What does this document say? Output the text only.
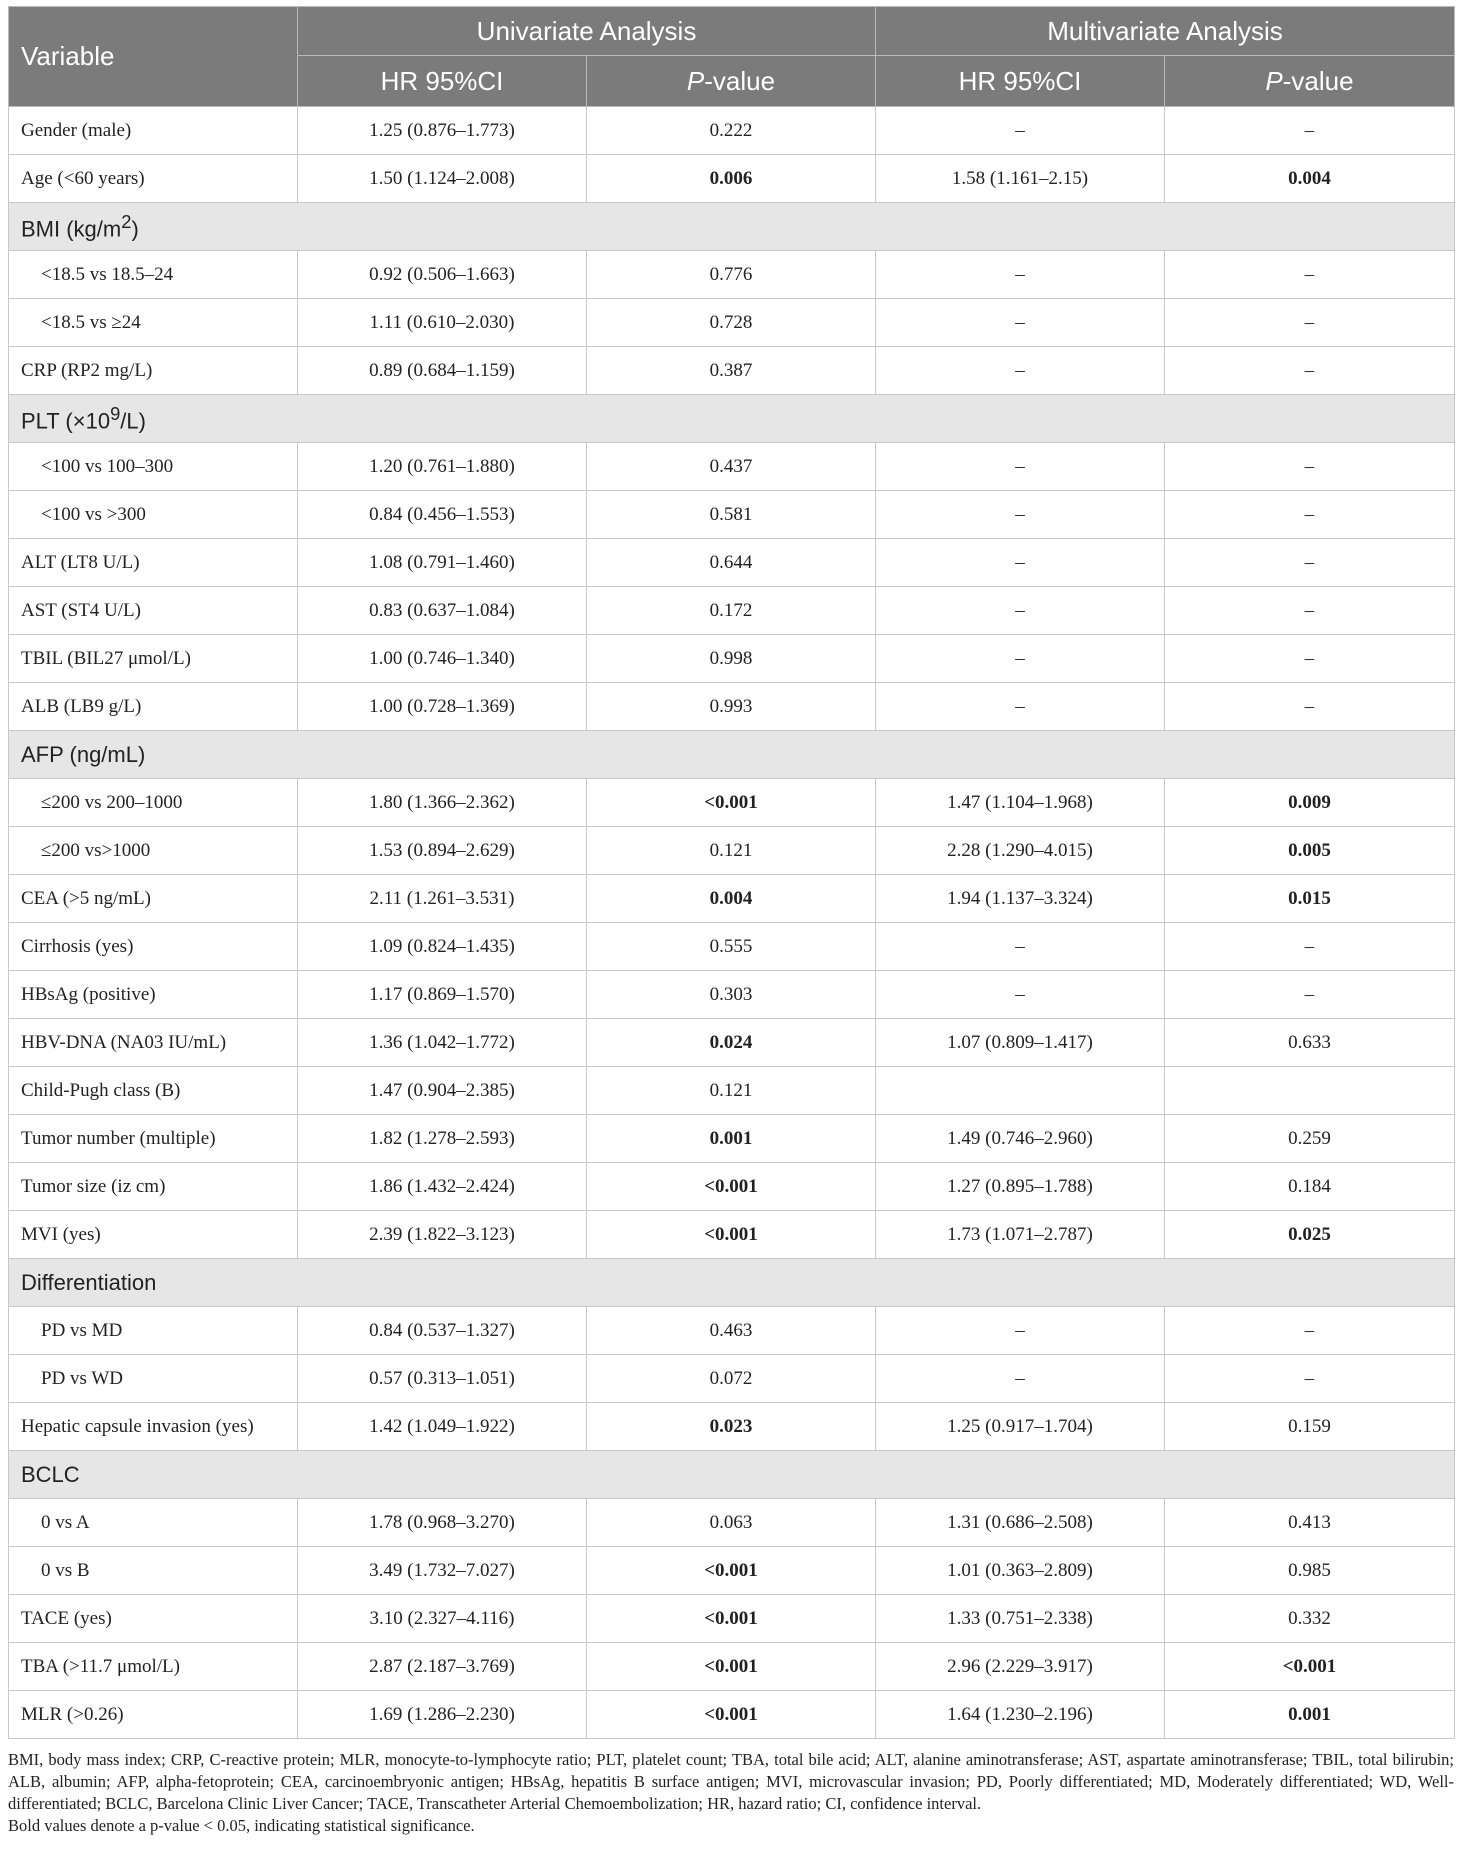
Variable	Univariate Analysis		Multivariate Analysis	
	HR 95%CI	P-value	HR 95%CI	P-value
Gender (male)	1.25 (0.876–1.773)	0.222	–	–
Age (<60 years)	1.50 (1.124–2.008)	0.006	1.58 (1.161–2.15)	0.004
BMI $(kg/m^2)$				
<18.5 vs 18.5–24	0.92 (0.506–1.663)	0.776	–	–
<18.5 vs ≥24	1.11 (0.610–2.030)	0.728	–	–
CRP (RP2 mg/L)	0.89 (0.684–1.159)	0.387	–	–
PLT $(\times 10^9/L)$				
<100 vs 100–300	1.20 (0.761–1.880)	0.437	–	–
<100 vs >300	0.84 (0.456–1.553)	0.581	–	–
ALT (LT8 U/L)	1.08 (0.791–1.460)	0.644	–	–
AST (ST4 U/L)	0.83 (0.637–1.084)	0.172	–	–
TBIL (BIL27 μmol/L)	1.00 (0.746–1.340)	0.998	–	–
ALB (LB9 g/L)	1.00 (0.728–1.369)	0.993	–	–
AFP (ng/mL)				
≤200 vs 200–1000	1.80 (1.366–2.362)	<0.001	1.47 (1.104–1.968)	0.009
≤200 vs>1000	1.53 (0.894–2.629)	0.121	2.28 (1.290–4.015)	0.005
CEA (>5 ng/mL)	2.11 (1.261–3.531)	0.004	1.94 (1.137–3.324)	0.015
Cirrhosis (yes)	1.09 (0.824–1.435)	0.555	–	–
HBsAg (positive)	1.17 (0.869–1.570)	0.303	–	–
HBV-DNA (NA03 IU/mL)	1.36 (1.042–1.772)	0.024	1.07 (0.809–1.417)	0.633
Child-Pugh class (B)	1.47 (0.904–2.385)	0.121		
Tumor number (multiple)	1.82 (1.278–2.593)	0.001	1.49 (0.746–2.960)	0.259
Tumor size (iz cm)	1.86 (1.432–2.424)	<0.001	1.27 (0.895–1.788)	0.184
MVI (yes)	2.39 (1.822–3.123)	<0.001	1.73 (1.071–2.787)	0.025
Differentiation				
PD vs MD	0.84 (0.537–1.327)	0.463	–	–
PD vs WD	0.57 (0.313–1.051)	0.072	–	–
Hepatic capsule invasion (yes)	1.42 (1.049–1.922)	0.023	1.25 (0.917–1.704)	0.159
BCLC				
0 vs A	1.78 (0.968–3.270)	0.063	1.31 (0.686–2.508)	0.413
0 vs B	3.49 (1.732–7.027)	<0.001	1.01 (0.363–2.809)	0.985
TACE (yes)	3.10 (2.327–4.116)	<0.001	1.33 (0.751–2.338)	0.332
TBA (>11.7 μmol/L)	2.87 (2.187–3.769)	<0.001	2.96 (2.229–3.917)	<0.001
MLR (>0.26)	1.69 (1.286–2.230)	<0.001	1.64 (1.230–2.196)	0.001

BMI, body mass index; CRP, C-reactive protein; MLR, monocyte-to-lymphocyte ratio; PLT, platelet count; TBA, total bile acid; ALT, alanine aminotransferase; AST, aspartate aminotransferase; TBIL, total bilirubin; ALB, albumin; AFP, alpha-fetoprotein; CEA, carcinoembryonic antigen; HBsAg, hepatitis B surface antigen; MVI, microvascular invasion; PD, Poorly differentiated; MD, Moderately differentiated; WD, Well-differentiated; BCLC, Barcelona Clinic Liver Cancer; TACE, Transcatheter Arterial Chemoembolization; HR, hazard ratio; CI, confidence interval.

Bold values denote a p-value < 0.05, indicating statistical significance.
